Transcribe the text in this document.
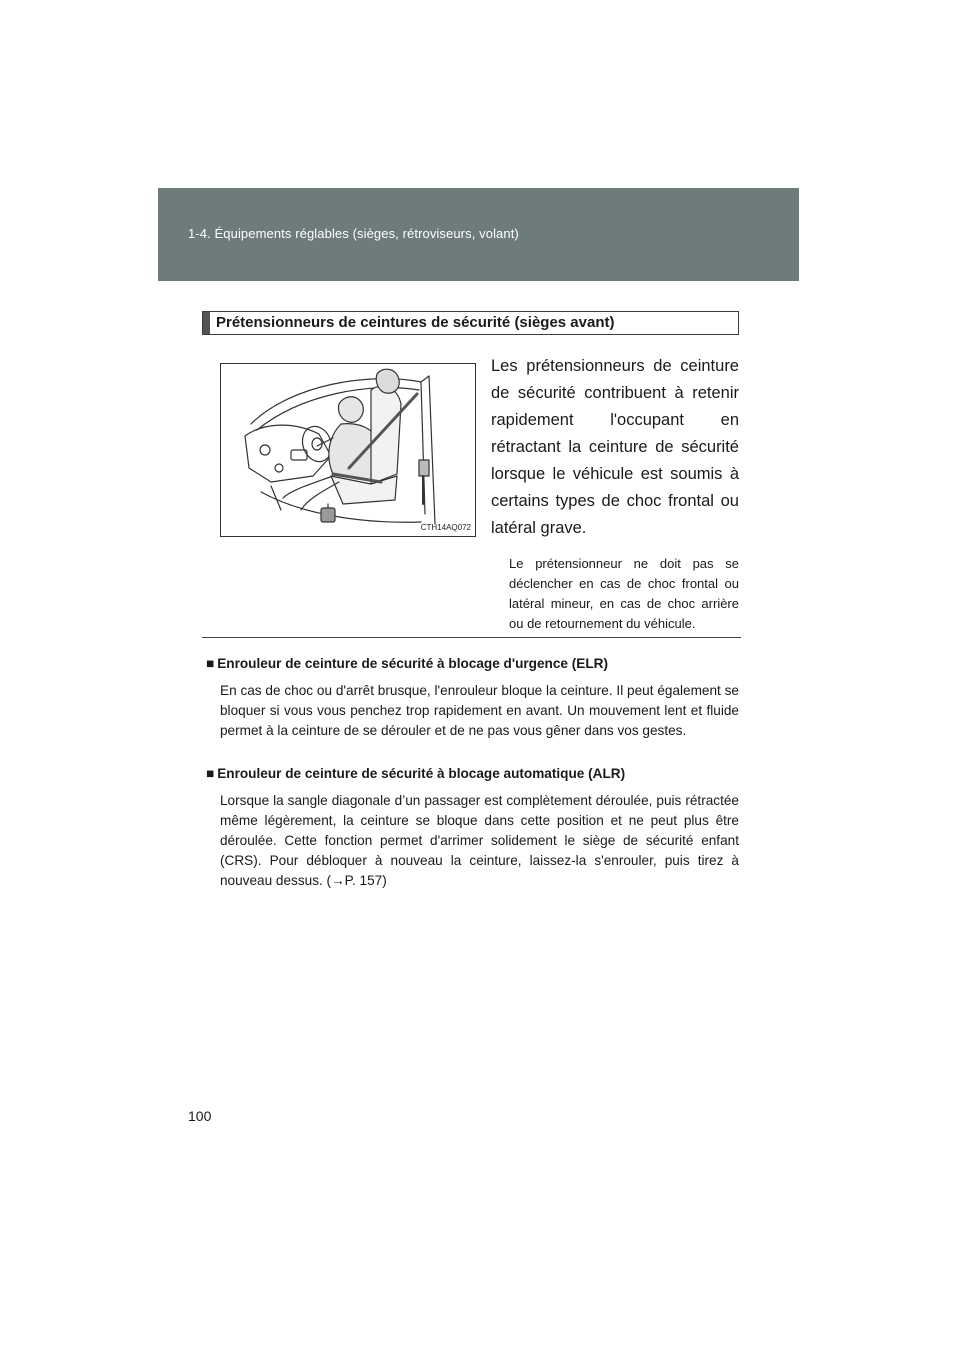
1-4. Équipements réglables (sièges, rétroviseurs, volant)
Prétensionneurs de ceintures de sécurité (sièges avant)
CTH14AQ072
Les prétensionneurs de ceinture de sécurité contribuent à retenir rapidement l'occupant en rétractant la ceinture de sécurité lorsque le véhicule est soumis à certains types de choc frontal ou latéral grave.
Le prétensionneur ne doit pas se déclencher en cas de choc frontal ou latéral mineur, en cas de choc arrière ou de retournement du véhicule.
■ Enrouleur de ceinture de sécurité à blocage d'urgence (ELR)
En cas de choc ou d'arrêt brusque, l'enrouleur bloque la ceinture. Il peut également se bloquer si vous vous penchez trop rapidement en avant. Un mouvement lent et fluide permet à la ceinture de se dérouler et de ne pas vous gêner dans vos gestes.
■ Enrouleur de ceinture de sécurité à blocage automatique (ALR)
Lorsque la sangle diagonale d’un passager est complètement déroulée, puis rétractée même légèrement, la ceinture se bloque dans cette position et ne peut plus être déroulée. Cette fonction permet d'arrimer solidement le siège de sécurité enfant (CRS). Pour débloquer à nouveau la ceinture, laissez-la s'enrouler, puis tirez à nouveau dessus. (→P. 157)
100
